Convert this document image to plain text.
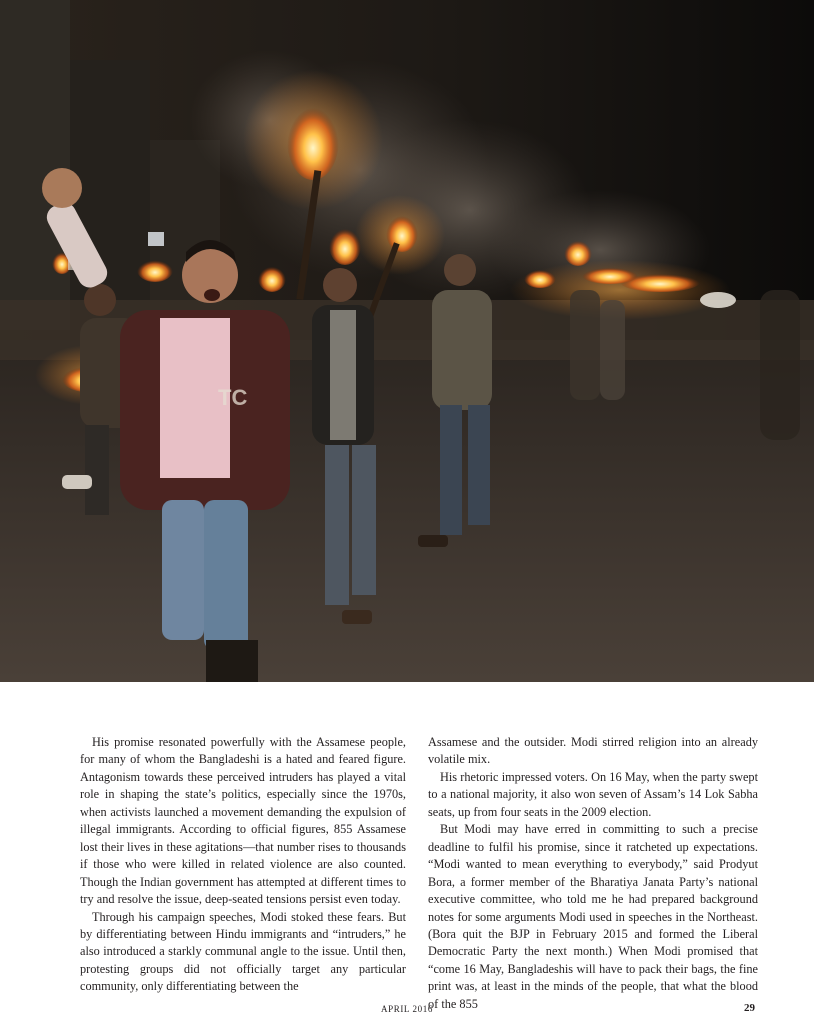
TC

His promise resonated powerfully with the Assamese people, for many of whom the Bangladeshi is a hated and feared figure. Antagonism towards these perceived intruders has played a vital role in shaping the state’s politics, especially since the 1970s, when activists launched a movement demanding the expulsion of illegal immigrants. According to official figures, 855 Assamese lost their lives in these agitations—that number rises to thousands if those who were killed in related violence are also counted. Though the Indian government has attempted at different times to try and resolve the issue, deep-seated tensions persist even today.

Through his campaign speeches, Modi stoked these fears. But by differentiating between Hindu immigrants and “intruders,” he also introduced a starkly communal angle to the issue. Until then, protesting groups did not officially target any particular community, only differentiating between the

Assamese and the outsider. Modi stirred religion into an already volatile mix.

His rhetoric impressed voters. On 16 May, when the party swept to a national majority, it also won seven of Assam’s 14 Lok Sabha seats, up from four seats in the 2009 election.

But Modi may have erred in committing to such a precise deadline to fulfil his promise, since it ratcheted up expectations. “Modi wanted to mean everything to everybody,” said Prodyut Bora, a former member of the Bharatiya Janata Party’s national executive committee, who told me he had prepared background notes for some arguments Modi used in speeches in the Northeast. (Bora quit the BJP in February 2015 and formed the Liberal Democratic Party the next month.) When Modi promised that “come 16 May, Bangladeshis will have to pack their bags, the fine print was, at least in the minds of the people, that what the blood of the 855

APRIL 2016	29
